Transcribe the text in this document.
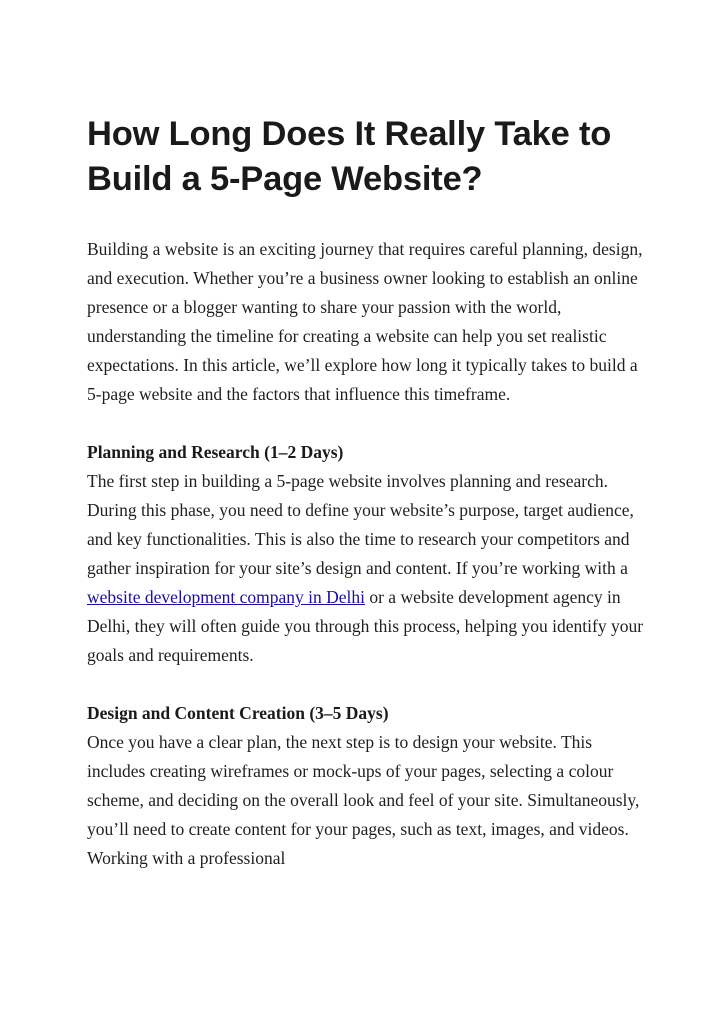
How Long Does It Really Take to Build a 5-Page Website?

Building a website is an exciting journey that requires careful planning, design, and execution. Whether you’re a business owner looking to establish an online presence or a blogger wanting to share your passion with the world, understanding the timeline for creating a website can help you set realistic expectations. In this article, we’ll explore how long it typically takes to build a 5-page website and the factors that influence this timeframe.

Planning and Research (1–2 Days)

The first step in building a 5-page website involves planning and research. During this phase, you need to define your website’s purpose, target audience, and key functionalities. This is also the time to research your competitors and gather inspiration for your site’s design and content. If you’re working with a website development company in Delhi or a website development agency in Delhi, they will often guide you through this process, helping you identify your goals and requirements.

Design and Content Creation (3–5 Days)

Once you have a clear plan, the next step is to design your website. This includes creating wireframes or mock-ups of your pages, selecting a colour scheme, and deciding on the overall look and feel of your site. Simultaneously, you’ll need to create content for your pages, such as text, images, and videos. Working with a professional
